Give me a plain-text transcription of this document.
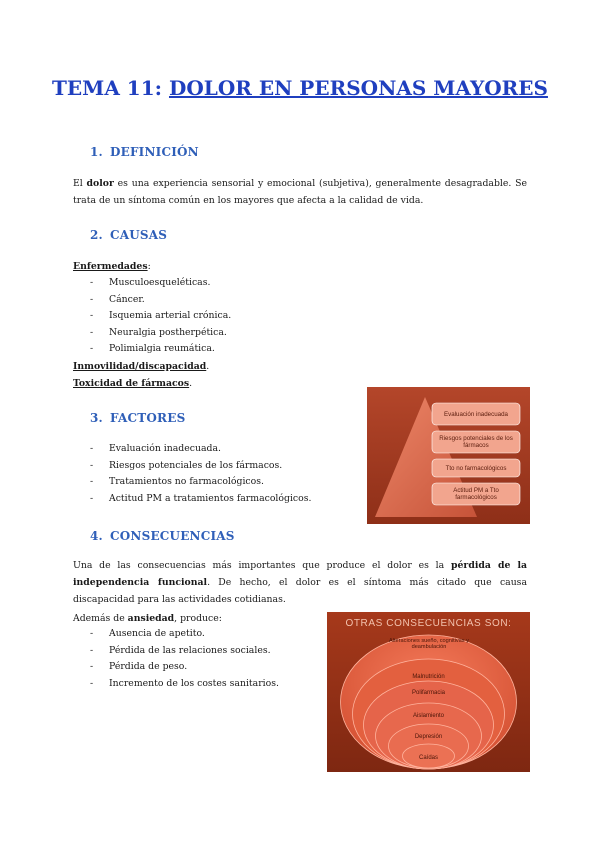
TEMA 11: DOLOR EN PERSONAS MAYORES
1. DEFINICIÓN

El dolor es una experiencia sensorial y emocional (subjetiva), generalmente desagradable. Se trata de un síntoma común en los mayores que afecta a la calidad de vida.

2. CAUSAS
Enfermedades:
- Musculoesqueléticas.
- Cáncer.
- Isquemia arterial crónica.
- Neuralgia postherpética.
- Polimialgia reumática.
Inmovilidad/discapacidad.
Toxicidad de fármacos.
3. FACTORES
- Evaluación inadecuada.
- Riesgos potenciales de los fármacos.
- Tratamientos no farmacológicos.
- Actitud PM a tratamientos farmacológicos.
Evaluación inadecuada
Riesgos potenciales de los fármacos
Tto no farmacológicos
Actitud PM a Tto farmacológicos
4. CONSECUENCIAS

Una de las consecuencias más importantes que produce el dolor es la pérdida de la independencia funcional. De hecho, el dolor es el síntoma más citado que causa discapacidad para las actividades cotidianas.

Además de ansiedad, produce:
- Ausencia de apetito.
- Pérdida de las relaciones sociales.
- Pérdida de peso.
- Incremento de los costes sanitarios.
OTRAS CONSECUENCIAS SON:
Alteraciones sueño, cognitivas y deambulación
Malnutrición
Polifarmacia
Aislamiento
Depresión
Caídas
